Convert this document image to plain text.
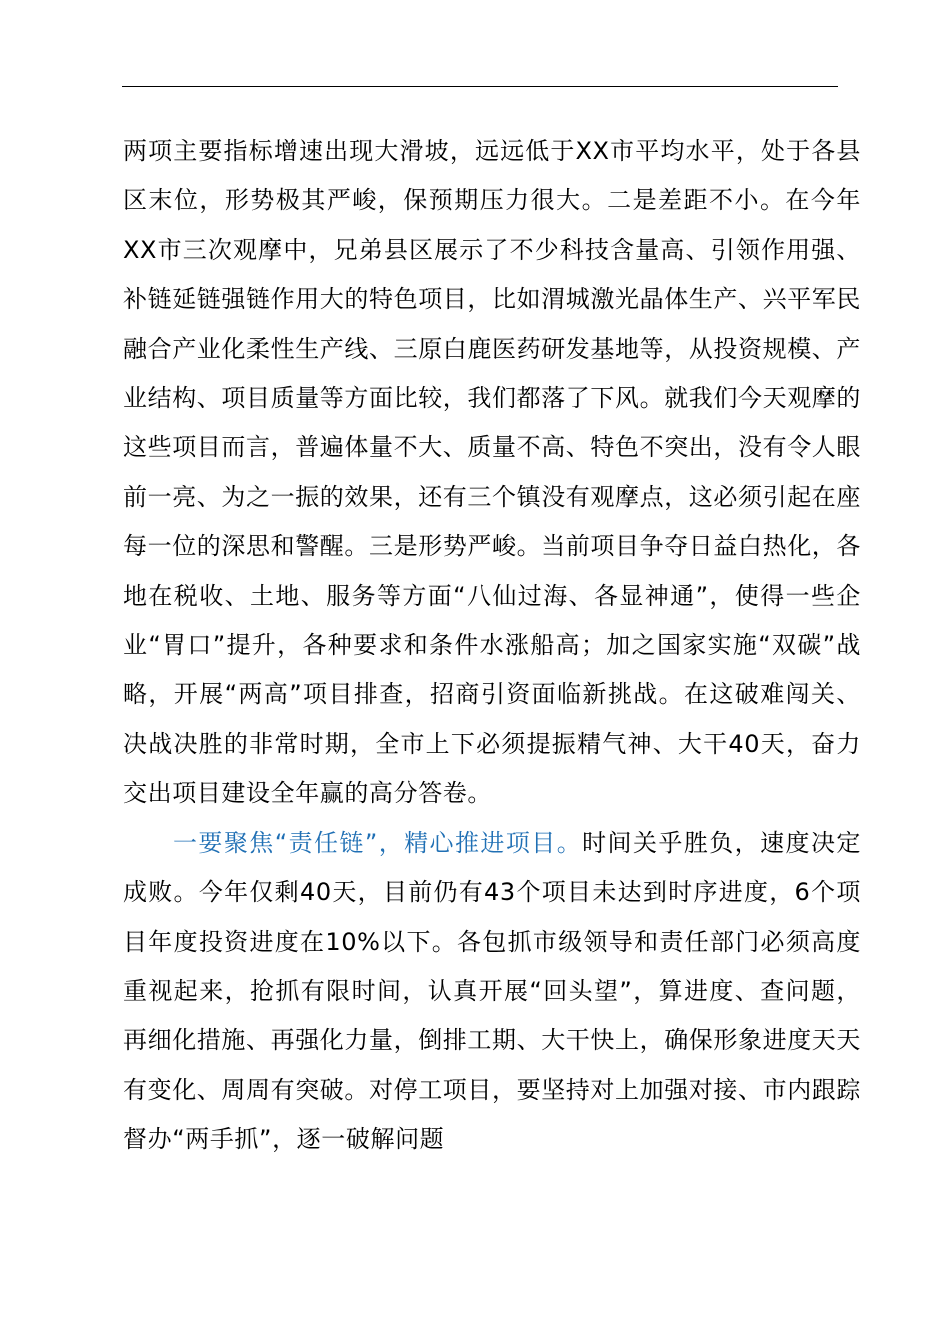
两项主要指标增速出现大滑坡，远远低于XX市平均水平，处于各县区末位，形势极其严峻，保预期压力很大。二是差距不小。在今年XX市三次观摩中，兄弟县区展示了不少科技含量高、引领作用强、补链延链强链作用大的特色项目，比如渭城激光晶体生产、兴平军民融合产业化柔性生产线、三原白鹿医药研发基地等，从投资规模、产业结构、项目质量等方面比较，我们都落了下风。就我们今天观摩的这些项目而言，普遍体量不大、质量不高、特色不突出，没有令人眼前一亮、为之一振的效果，还有三个镇没有观摩点，这必须引起在座每一位的深思和警醒。三是形势严峻。当前项目争夺日益白热化，各地在税收、土地、服务等方面“八仙过海、各显神通”，使得一些企业“胃口”提升，各种要求和条件水涨船高；加之国家实施“双碳”战略，开展“两高”项目排查，招商引资面临新挑战。在这破难闯关、决战决胜的非常时期，全市上下必须提振精气神、大干40天，奋力交出项目建设全年赢的高分答卷。

一要聚焦“责任链”，精心推进项目。时间关乎胜负，速度决定成败。今年仅剩40天，目前仍有43个项目未达到时序进度，6个项目年度投资进度在10%以下。各包抓市级领导和责任部门必须高度重视起来，抢抓有限时间，认真开展“回头望”，算进度、查问题，再细化措施、再强化力量，倒排工期、大干快上，确保形象进度天天有变化、周周有突破。对停工项目，要坚持对上加强对接、市内跟踪督办“两手抓”，逐一破解问题
